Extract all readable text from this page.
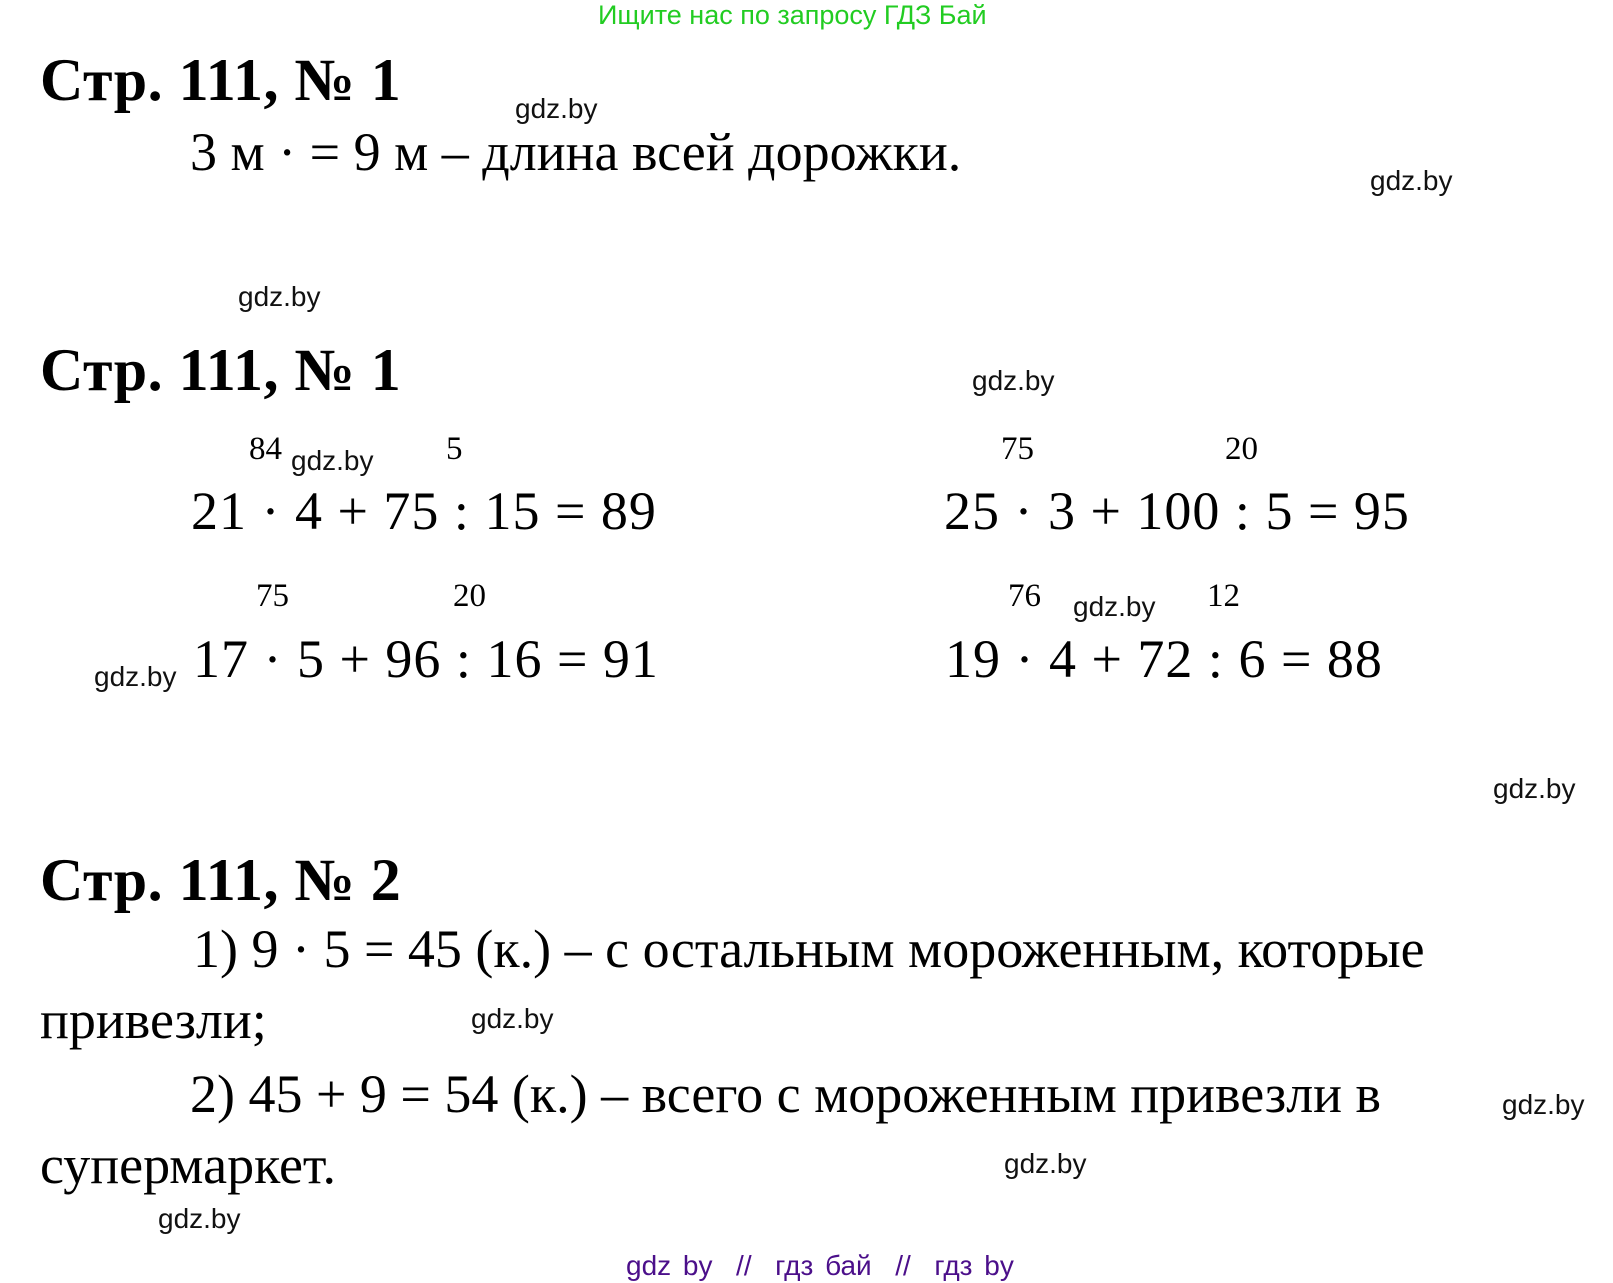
Ищите нас по запросу ГДЗ Бай
Стр. 111, № 1
3 м · = 9 м – длина всей дорожки.
Стр. 111, № 1
84	5
21 · 4 + 75 : 15 = 89
75	20
25 · 3 + 100 : 5 = 95
75	20
17 · 5 + 96 : 16 = 91
76	12
19 · 4 + 72 : 6 = 88
Стр. 111, № 2
1) 9 · 5 = 45 (к.) – с остальным мороженным, которые
привезли;
2) 45 + 9 = 54 (к.) – всего с мороженным привезли в
супермаркет.
gdz.by
gdz.by
gdz.by
gdz.by
gdz.by
gdz.by
gdz.by
gdz.by
gdz.by
gdz.by
gdz.by
gdz.by
gdz by  //  гдз бай  //  гдз by
